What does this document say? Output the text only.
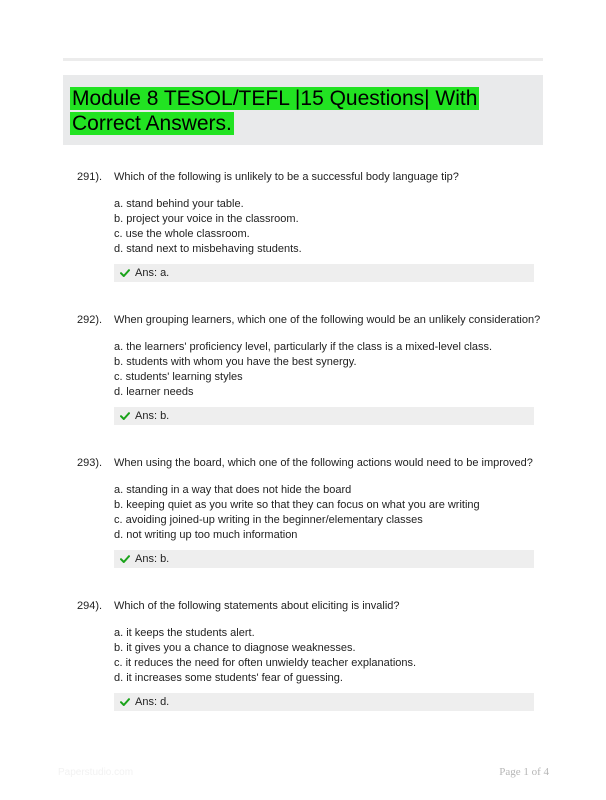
Module 8 TESOL/TEFL |15 Questions| With Correct Answers.
291). Which of the following is unlikely to be a successful body language tip?
a. stand behind your table.
b. project your voice in the classroom.
c. use the whole classroom.
d. stand next to misbehaving students.
Ans: a.
292). When grouping learners, which one of the following would be an unlikely consideration?
a. the learners' proficiency level, particularly if the class is a mixed-level class.
b. students with whom you have the best synergy.
c. students' learning styles
d. learner needs
Ans: b.
293). When using the board, which one of the following actions would need to be improved?
a. standing in a way that does not hide the board
b. keeping quiet as you write so that they can focus on what you are writing
c. avoiding joined-up writing in the beginner/elementary classes
d. not writing up too much information
Ans: b.
294). Which of the following statements about eliciting is invalid?
a. it keeps the students alert.
b. it gives you a chance to diagnose weaknesses.
c. it reduces the need for often unwieldy teacher explanations.
d. it increases some students' fear of guessing.
Ans: d.
Paperstudio.com	Page 1 of 4
